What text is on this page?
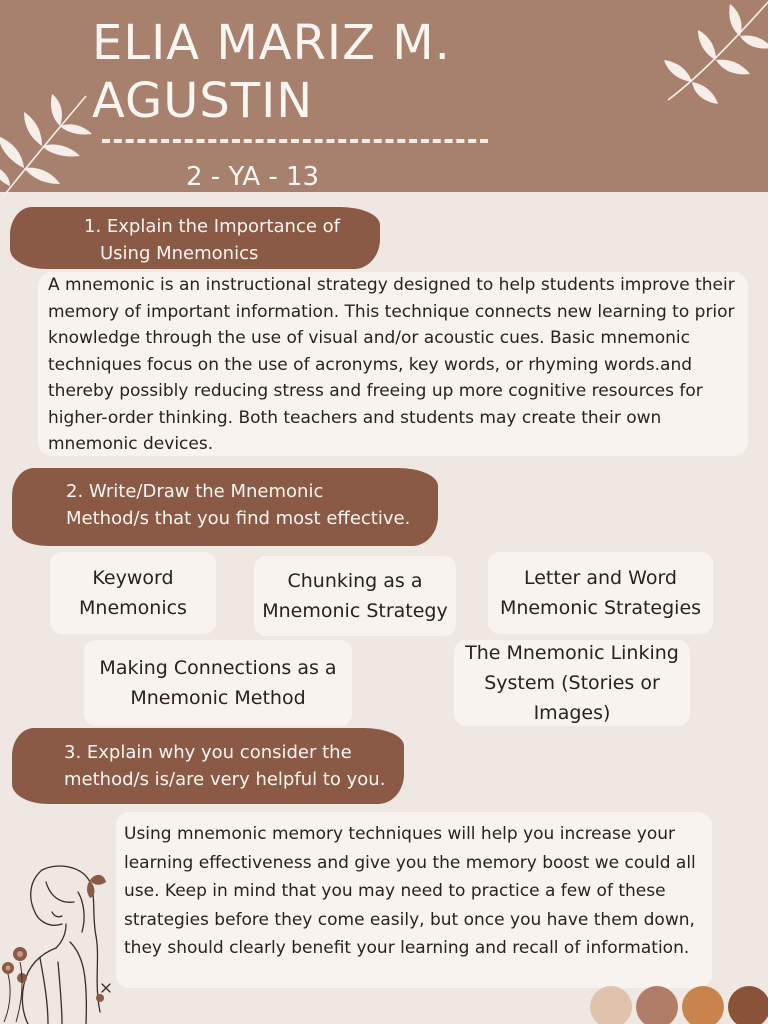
ELIA MARIZ M.
AGUSTIN

2 - YA - 13

1. Explain the Importance of
Using Mnemonics

A mnemonic is an instructional strategy designed to help students improve their memory of important information. This technique connects new learning to prior knowledge through the use of visual and/or acoustic cues. Basic mnemonic techniques focus on the use of acronyms, key words, or rhyming words.and thereby possibly reducing stress and freeing up more cognitive resources for higher-order thinking. Both teachers and students may create their own mnemonic devices.

2. Write/Draw the Mnemonic
Method/s that you find most effective.

Keyword Mnemonics
Chunking as a Mnemonic Strategy
Letter and Word Mnemonic Strategies
Making Connections as a Mnemonic Method
The Mnemonic Linking System (Stories or Images)

3. Explain why you consider the
method/s is/are very helpful to you.

Using mnemonic memory techniques will help you increase your learning effectiveness and give you the memory boost we could all use. Keep in mind that you may need to practice a few of these strategies before they come easily, but once you have them down, they should clearly benefit your learning and recall of information.
